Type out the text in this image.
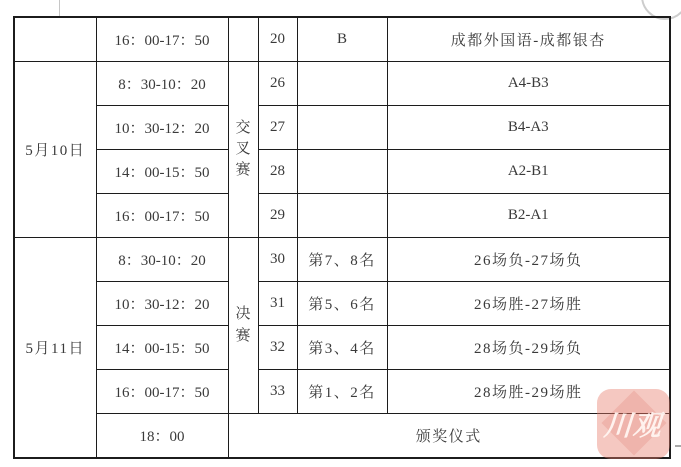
	16：00-17：50		20	B	成都外国语-成都银杏
5月10日	8：30-10：20	交叉赛	26		A4-B3
	10：30-12：20		27		B4-A3
	14：00-15：50		28		A2-B1
	16：00-17：50		29		B2-A1
5月11日	8：30-10：20	决赛	30	第7、8名	26场负-27场负
	10：30-12：20		31	第5、6名	26场胜-27场胜
	14：00-15：50		32	第3、4名	28场负-29场负
	16：00-17：50		33	第1、2名	28场胜-29场胜
	18：00	颁奖仪式				川观
